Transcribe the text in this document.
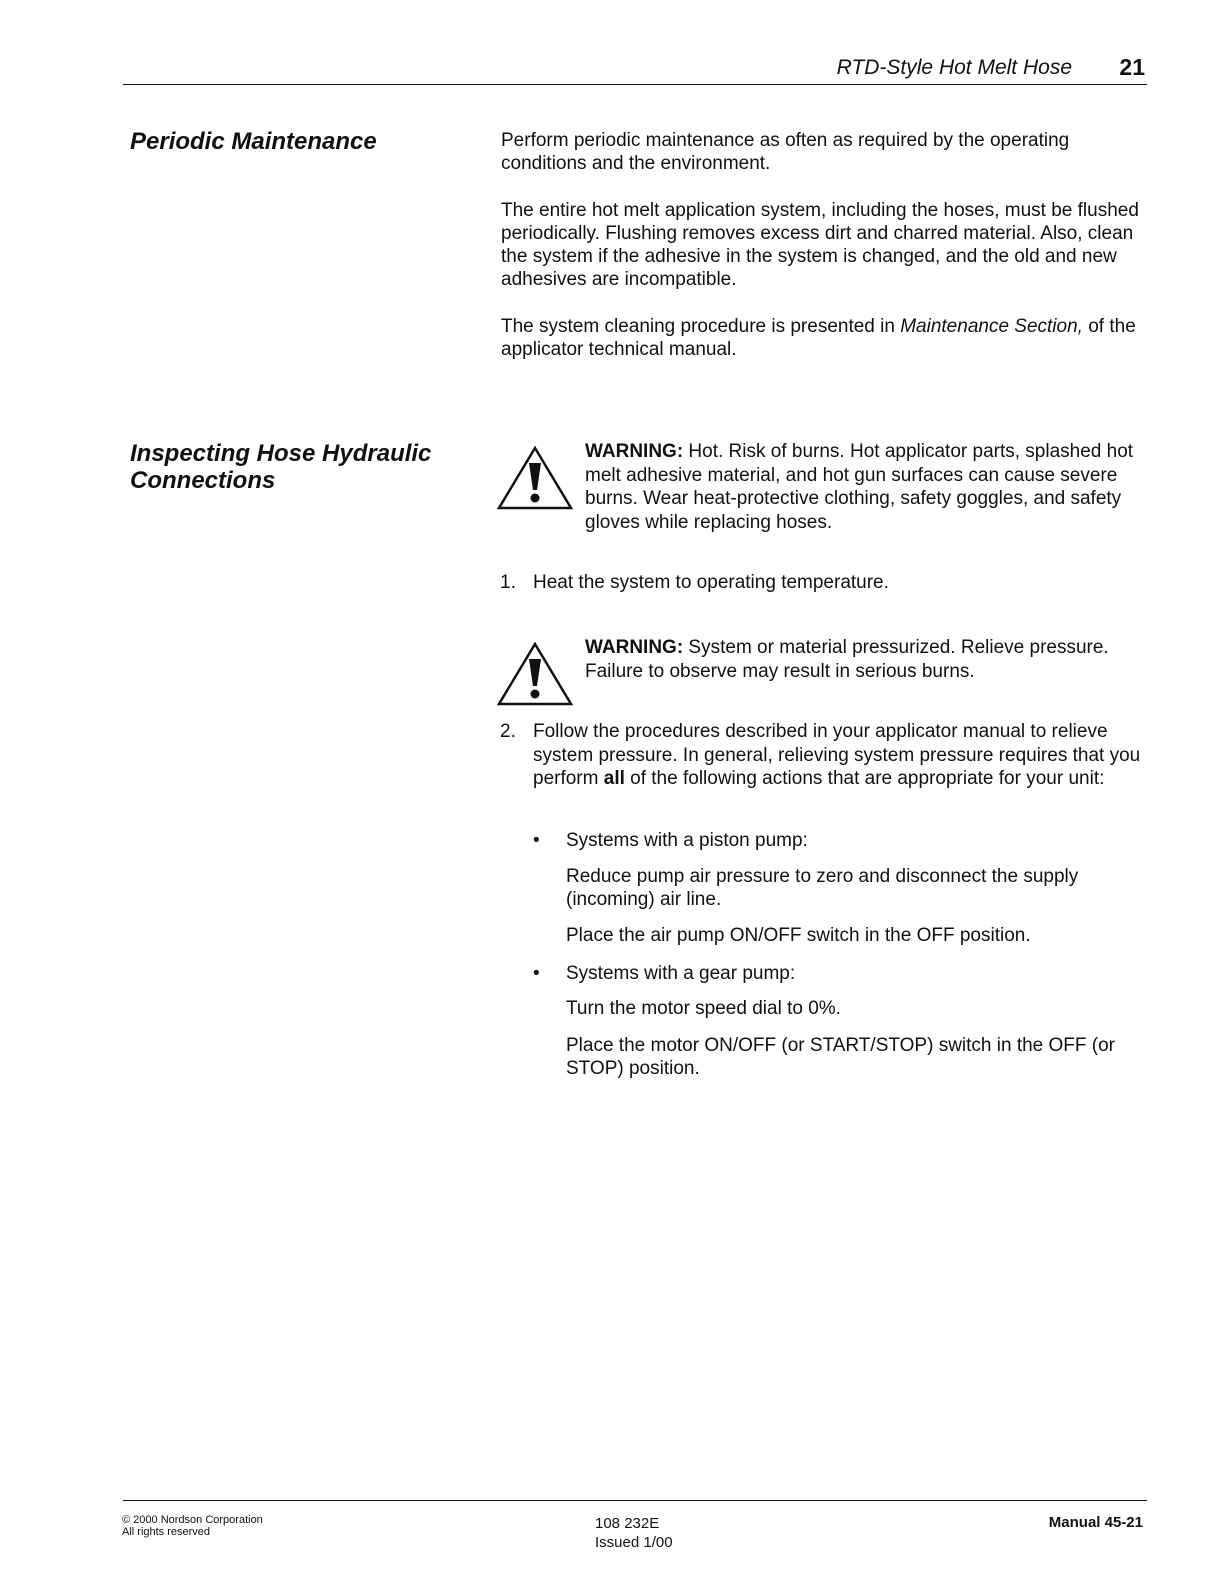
RTD-Style Hot Melt Hose 21
Periodic Maintenance	Perform periodic maintenance as often as required by the operating conditions and the environment.

The entire hot melt application system, including the hoses, must be flushed periodically. Flushing removes excess dirt and charred material. Also, clean the system if the adhesive in the system is changed, and the old and new adhesives are incompatible.

The system cleaning procedure is presented in Maintenance Section, of the applicator technical manual.

Inspecting Hose Hydraulic
Connections
WARNING: Hot. Risk of burns. Hot applicator parts, splashed hot melt adhesive material, and hot gun surfaces can cause severe burns. Wear heat-protective clothing, safety goggles, and safety gloves while replacing hoses.
1. Heat the system to operating temperature.
WARNING: System or material pressurized. Relieve pressure. Failure to observe may result in serious burns.
2. Follow the procedures described in your applicator manual to relieve system pressure. In general, relieving system pressure requires that you perform all of the following actions that are appropriate for your unit:
• Systems with a piston pump:
Reduce pump air pressure to zero and disconnect the supply (incoming) air line.
Place the air pump ON/OFF switch in the OFF position.
• Systems with a gear pump:
Turn the motor speed dial to 0%.
Place the motor ON/OFF (or START/STOP) switch in the OFF (or STOP) position.
© 2000 Nordson Corporation
All rights reserved	108 232E
Issued 1/00
Manual 45-21
